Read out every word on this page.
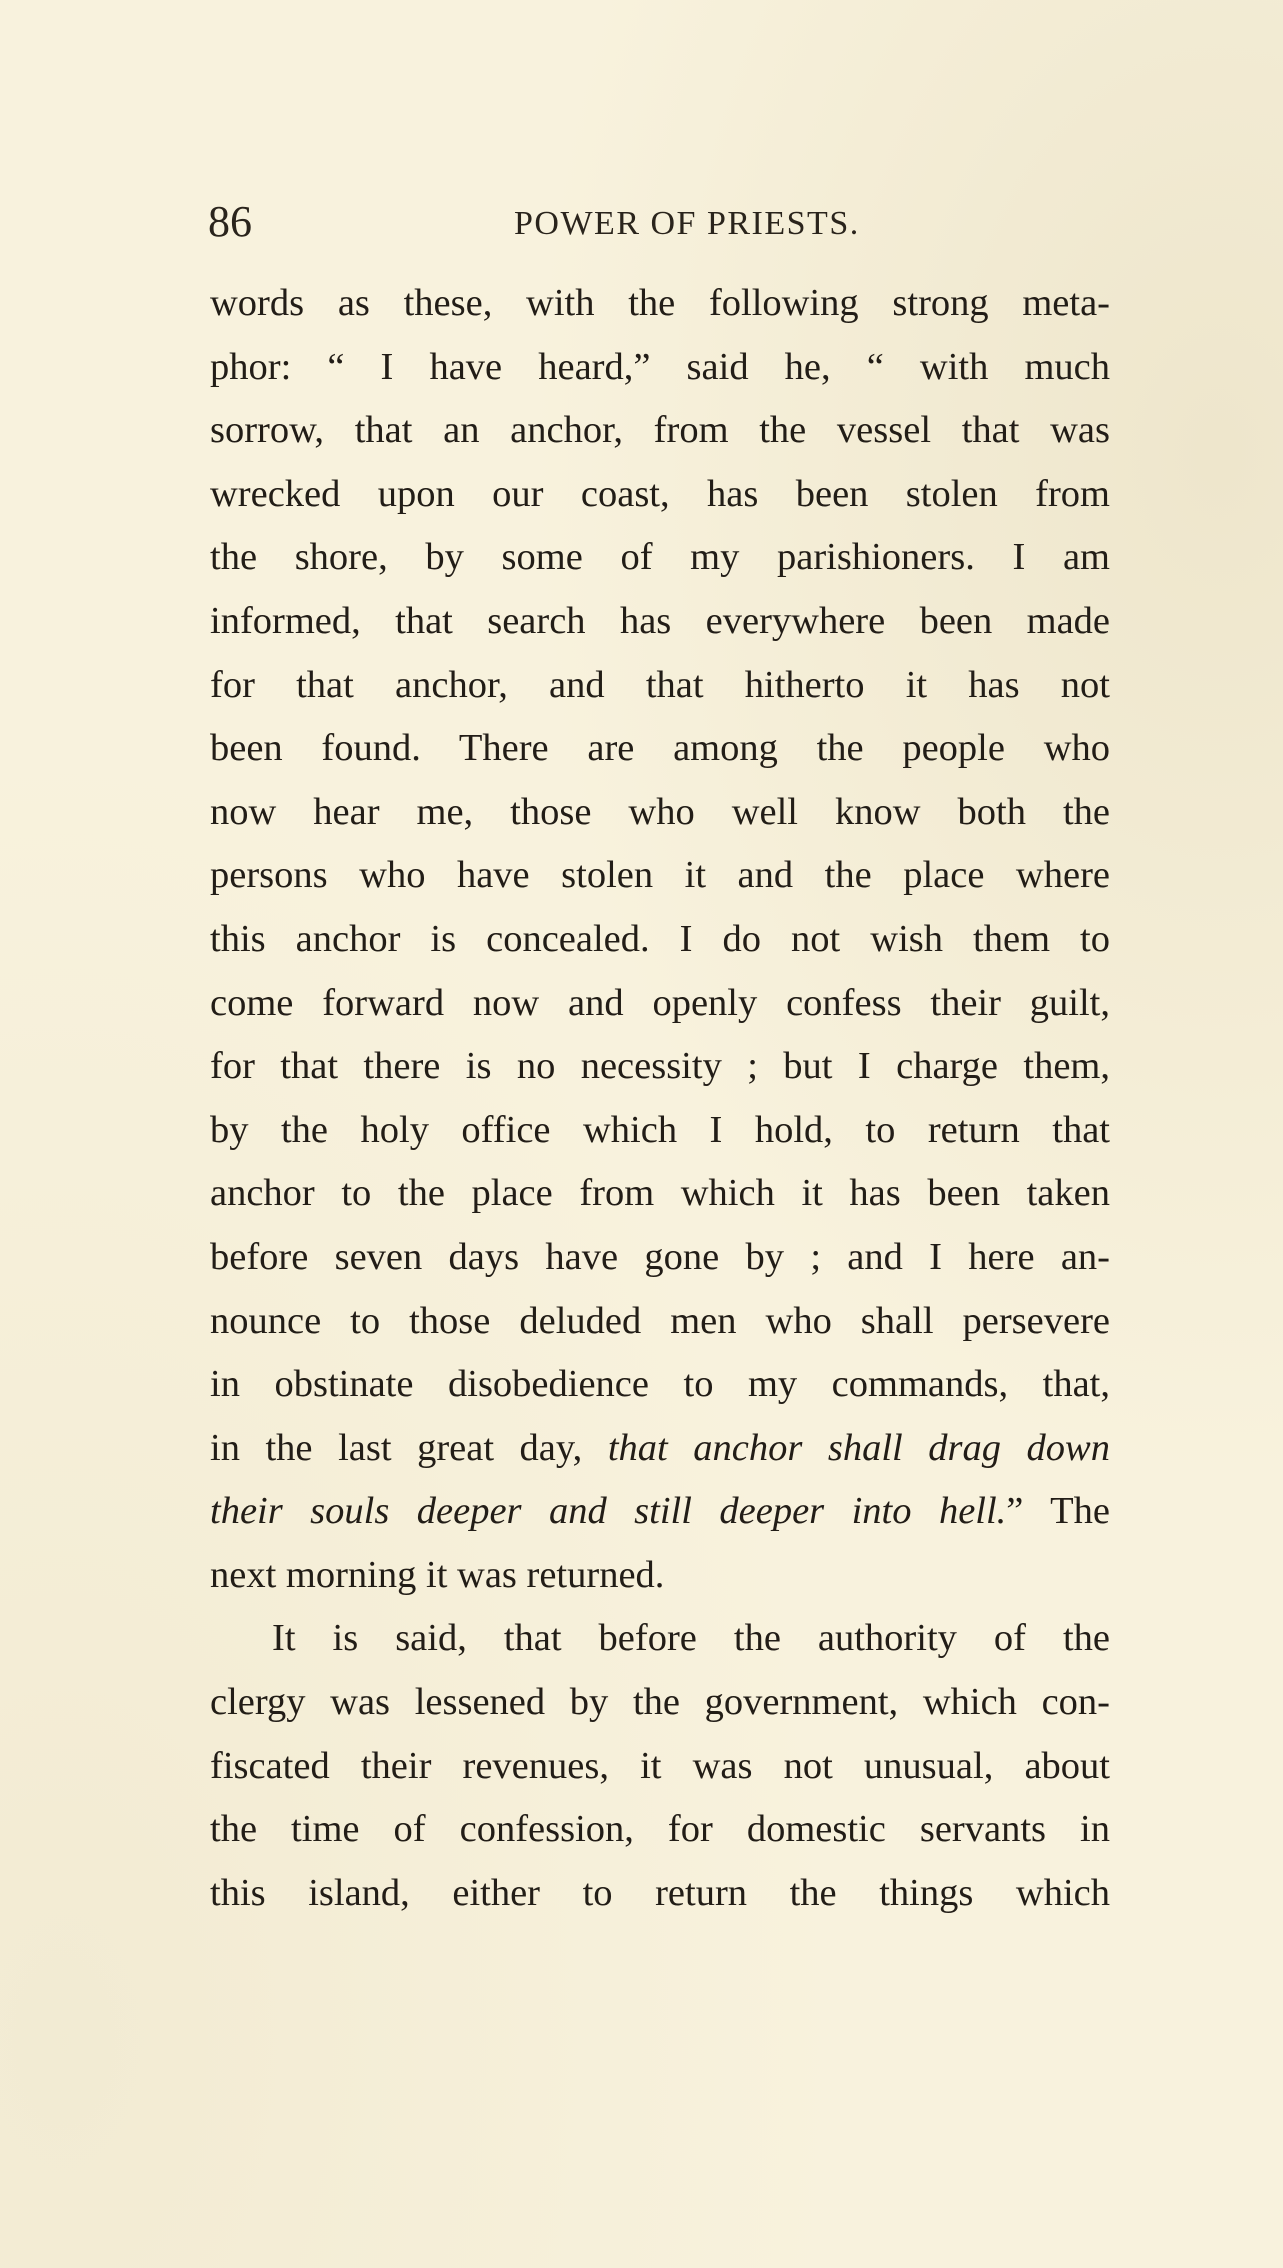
86	POWER OF PRIESTS.
words as these, with the following strong meta-
phor: “ I have heard,” said he, “ with much
sorrow, that an anchor, from the vessel that was
wrecked upon our coast, has been stolen from
the shore, by some of my parishioners. I am
informed, that search has everywhere been made
for that anchor, and that hitherto it has not
been found. There are among the people who
now hear me, those who well know both the
persons who have stolen it and the place where
this anchor is concealed. I do not wish them to
come forward now and openly confess their guilt,
for that there is no necessity ; but I charge them,
by the holy office which I hold, to return that
anchor to the place from which it has been taken
before seven days have gone by ; and I here an-
nounce to those deluded men who shall persevere
in obstinate disobedience to my commands, that,
in the last great day, that anchor shall drag down
their souls deeper and still deeper into hell.” The
next morning it was returned.
It is said, that before the authority of the
clergy was lessened by the government, which con-
fiscated their revenues, it was not unusual, about
the time of confession, for domestic servants in
this island, either to return the things which
